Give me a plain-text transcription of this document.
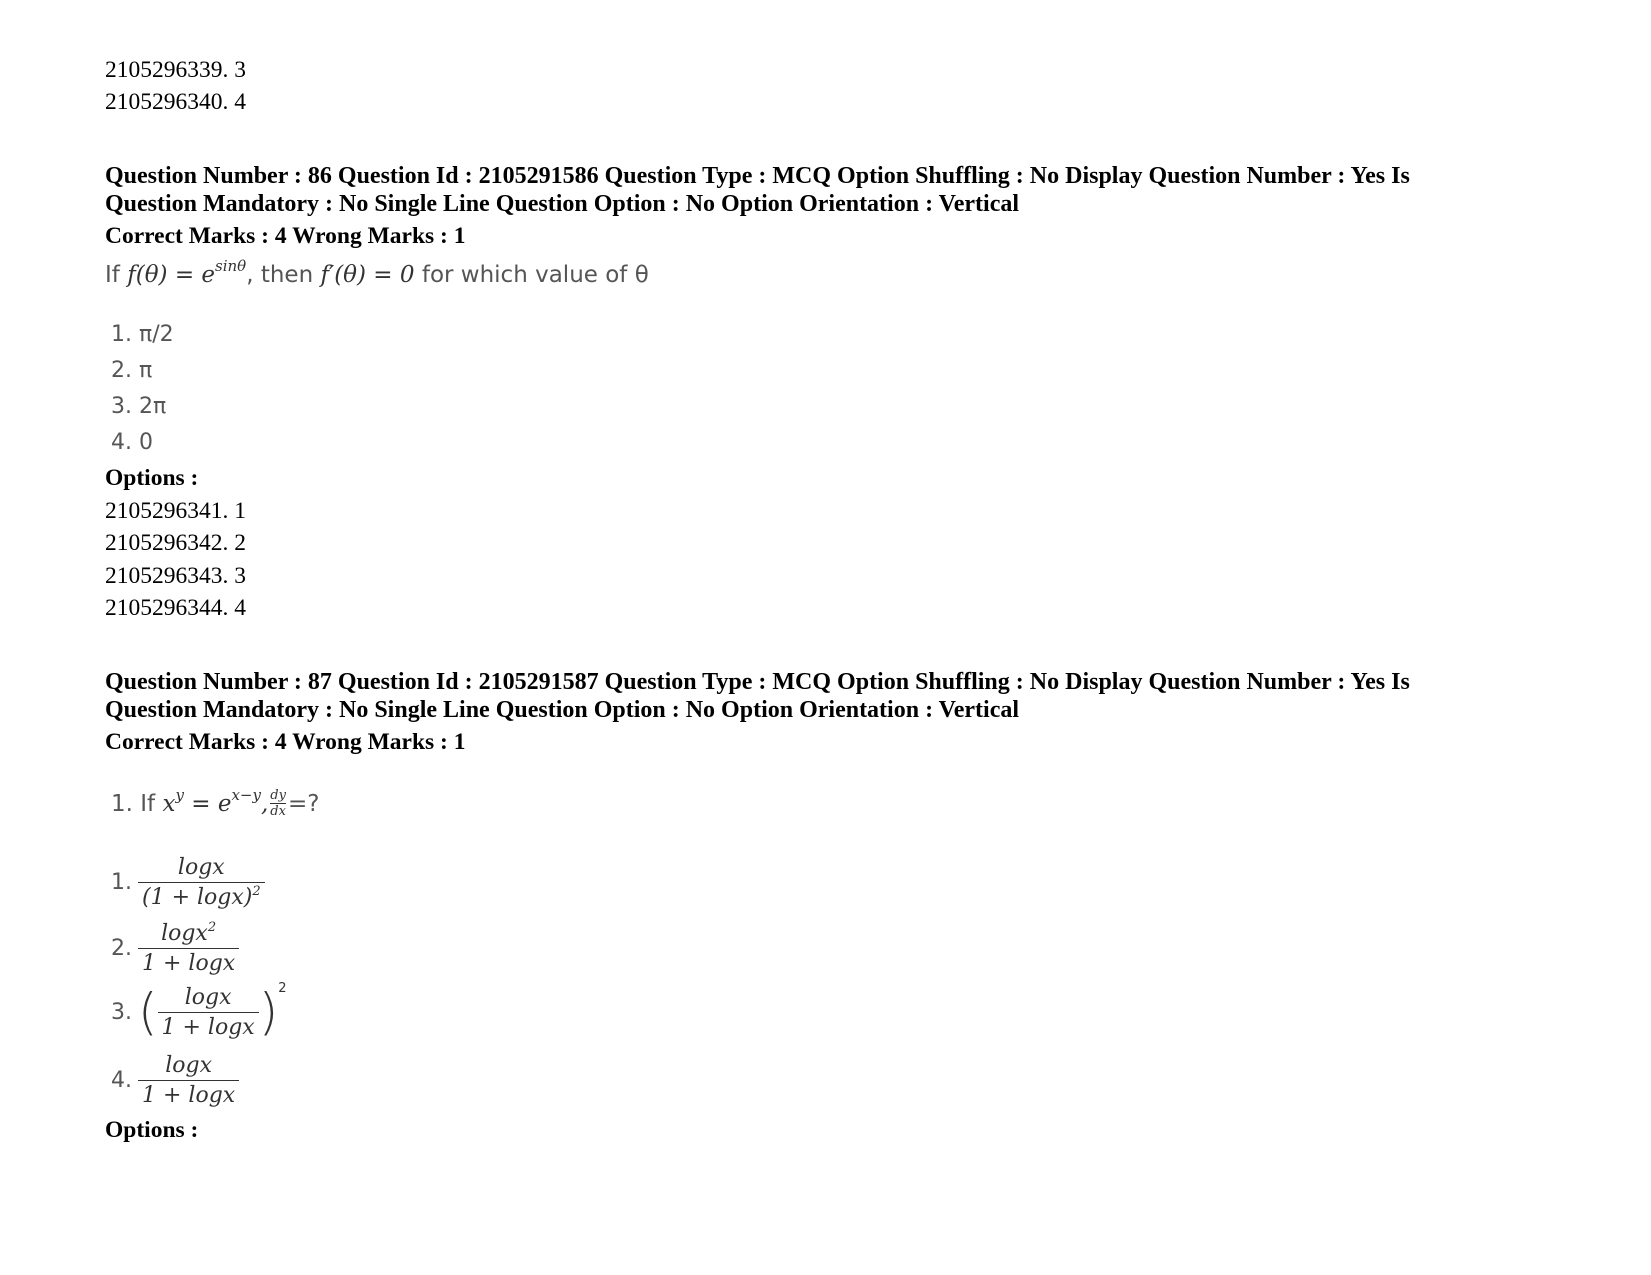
2105296339. 3
2105296340. 4
Question Number : 86 Question Id : 2105291586 Question Type : MCQ Option Shuffling : No Display Question Number : Yes Is
Question Mandatory : No Single Line Question Option : No Option Orientation : Vertical
Correct Marks : 4 Wrong Marks : 1
If $f(\theta) = e^{sin\theta}$, then f′(θ) = 0 for which value of θ
1. π/2
2. π
3. 2π
4. 0
Options :
2105296341. 1
2105296342. 2
2105296343. 3
2105296344. 4
Question Number : 87 Question Id : 2105291587 Question Type : MCQ Option Shuffling : No Display Question Number : Yes Is
Question Mandatory : No Single Line Question Option : No Option Orientation : Vertical
Correct Marks : 4 Wrong Marks : 1
1. If
$x^y = e^{x-y}$, $\frac{dy}{dx}$ =?
1. $\frac{\log x}{(1 + \log x)^2}$
2. $\frac{\log x^2}{1 + \log x}$
3. ( $\frac{\log x}{1 + \log x}$ ) 2
4. $\frac{\log x}{1 + \log x}$
Options :
